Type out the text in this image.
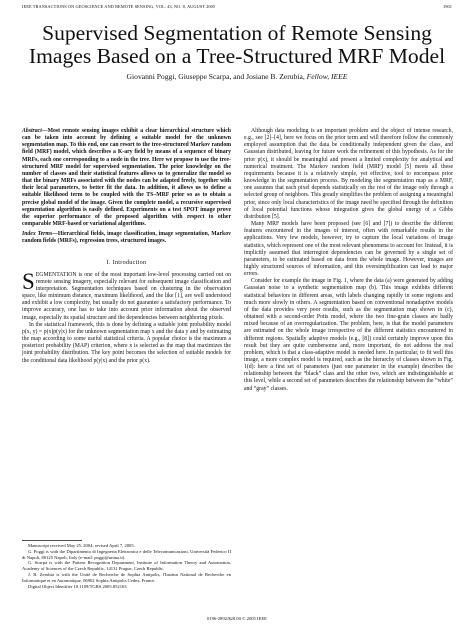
IEEE TRANSACTIONS ON GEOSCIENCE AND REMOTE SENSING, VOL. 43, NO. 8, AUGUST 2005	1901
Supervised Segmentation of Remote Sensing Images Based on a Tree-Structured MRF Model
Giovanni Poggi, Giuseppe Scarpa, and Josiane B. Zerubia, Fellow, IEEE
Abstract—Most remote sensing images exhibit a clear hierarchical structure which can be taken into account by defining a suitable model for the unknown segmentation map. To this end, one can resort to the tree-structured Markov random field (MRF) model, which describes a K-ary field by means of a sequence of binary MRFs, each one corresponding to a node in the tree. Here we propose to use the tree-structured MRF model for supervised segmentation. The prior knowledge on the number of classes and their statistical features allows us to generalize the model so that the binary MRFs associated with the nodes can be adapted freely, together with their local parameters, to better fit the data. In addition, it allows us to define a suitable likelihood term to be coupled with the TS–MRF prior so as to obtain a precise global model of the image. Given the complete model, a recursive supervised segmentation algorithm is easily defined. Experiments on a test SPOT image prove the superior performance of the proposed algorithm with respect to other comparable MRF-based or variational algorithms.
Index Terms—Hierarchical fields, image classification, image segmentation, Markov random fields (MRFs), regression trees, structured images.
I. Introduction

SEGMENTATION is one of the most important low-level processing carried out on remote sensing imagery, especially relevant for subsequent image classification and interpretation. Segmentation techniques based on clustering in the observation space, like minimum distance, maximum likelihood, and the like [1], are well understood and exhibit a low complexity, but usually do not guarantee a satisfactory performance. To improve accuracy, one has to take into account prior information about the observed image, especially its spatial structure and the dependencies between neighboring pixels.

In the statistical framework, this is done by defining a suitable joint probability model p(x, y) = p(x)p(y|x) for the unknown segmentation map x and the data y and by estimating the map according to some useful statistical criteria. A popular choice is the maximum a posteriori probability (MAP) criterion, where x is selected as the map that maximizes the joint probability distribution. The key point becomes the selection of suitable models for the conditional data likelihood p(y|x) and the prior p(x).

Manuscript received May 25, 2004; revised April 7, 2005.

G. Poggi is with the Dipartimento di Ingegneria Elettronica e delle Telecomunicazioni, Università Federico II di Napoli, 80125 Napoli, Italy (e-mail: poggi@unina.it).

G. Scarpa is with the Pattern Recognition Department, Institute of Information Theory and Automation, Academy of Sciences of the Czech Republic, 14131 Prague, Czech Republic.

J. B. Zerubia is with the Unité de Recherche de Sophia Antipolis, l'Institut National de Recherche en Informatique et en Automatique, 06902 Sophia Antipolis Cedex, France.

Digital Object Identifier 10.1109/TGRS.2005.852163

Although data modeling is an important problem and the object of intense research, e.g., see [2]–[4], here we focus on the prior term and will therefore follow the commonly employed assumption that the data be conditionally independent given the class, and Gaussian distributed, leaving for future work the refinement of this hypothesis. As for the prior p(x), it should be meaningful and present a limited complexity for analytical and numerical treatment. The Markov random field (MRF) model [5] meets all these requirements because it is a relatively simple, yet effective, tool to encompass prior knowledge in the segmentation process. By modeling the segmentation map as a MRF, one assumes that each pixel depends statistically on the rest of the image only through a selected group of neighbors. This greatly simplifies the problem of assigning a meaningful prior, since only local characteristics of the image need be specified through the definition of local potential functions whose integration gives the global energy of a Gibbs distribution [5].

Many MRF models have been proposed (see [6] and [7]) to describe the different features encountered in the images of interest, often with remarkable results in the applications. Very few models, however, try to capture the local variations of image statistics, which represent one of the most relevant phenomena to account for. Instead, it is implicitly assumed that interregion dependencies can be governed by a single set of parameters, to be estimated based on data from the whole image. However, images are highly structured sources of information, and this oversimplification can lead to major errors.

Consider for example the image in Fig. 1, where the data (a) were generated by adding Gaussian noise to a synthetic segmentation map (b). This image exhibits different statistical behaviors in different areas, with labels changing rapidly in some regions and much more slowly in others. A segmentation based on conventional nonadaptive models of the data provides very poor results, such as the segmentation map shown in (c), obtained with a second-order Potts model, where the two fine-grain classes are badly mixed because of an overregularization. The problem, here, is that the model parameters are estimated on the whole image irrespective of the different statistics encountered in different regions. Spatially adaptive models (e.g., [8]) could certainly improve upon this result but they are quite cumbersome and, more important, do not address the real problem, which is that a class-adaptive model is needed here. In particular, to fit well this image, a more complex model is required, such as the hierarchy of classes shown in Fig. 1(d): here a first set of parameters (just one parameter in the example) describes the relationship between the “black” class and the other two, which are indistinguishable at this level, while a second set of parameters describes the relationship between the “white” and “gray” classes.

0196-2892/$20.00 © 2005 IEEE
